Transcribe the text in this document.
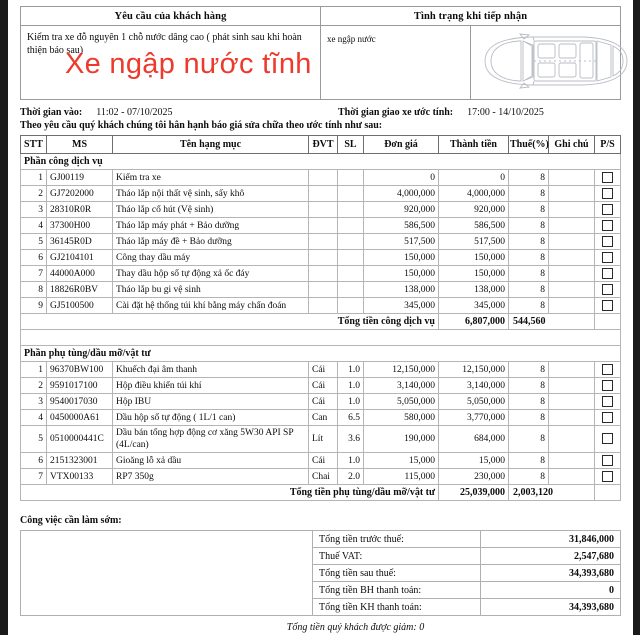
Yêu cầu của khách hàng	Tình trạng khi tiếp nhận	

Kiểm tra xe đỗ nguyên 1 chỗ nước dâng cao ( phát sinh sau khi hoàn thiện báo sau)
Xe ngập nước tĩnh	xe ngập nước

Thời gian vào: 11:02 - 07/10/2025	Thời gian giao xe ước tính: 17:00 - 14/10/2025
Theo yêu cầu quý khách chúng tôi hân hạnh báo giá sửa chữa theo ước tính như sau:
STT	MS	Tên hạng mục	ĐVT	SL	Đơn giá	Thành tiền	Thuế(%)	Ghi chú	P/S
Phần công dịch vụ									
1	GJ00119	Kiểm tra xe			0	0	8		
2	GJ7202000	Tháo lắp nội thất vệ sinh, sấy khô			4,000,000	4,000,000	8		
3	28310R0R	Tháo lắp cổ hút (Vệ sinh)			920,000	920,000	8		
4	37300H00	Tháo lắp máy phát + Bảo dưỡng			586,500	586,500	8		
5	36145R0D	Tháo lắp máy đề + Bảo dưỡng			517,500	517,500	8		
6	GJ2104101	Công thay dầu máy			150,000	150,000	8		
7	44000A000	Thay dầu hộp số tự động xả ốc đáy			150,000	150,000	8		
8	18826R0BV	Tháo lắp bu gi vệ sinh			138,000	138,000	8		
9	GJ5100500	Cài đặt hệ thống túi khí bằng máy chẩn đoán			345,000	345,000	8		
Tổng tiền công dịch vụ						6,807,000	544,560		

Phần phụ tùng/dầu mỡ/vật tư									
1	96370BW100	Khuếch đại âm thanh	Cái	1.0	12,150,000	12,150,000	8		
2	9591017100	Hộp điều khiển túi khí	Cái	1.0	3,140,000	3,140,000	8		
3	9540017030	Hộp IBU	Cái	1.0	5,050,000	5,050,000	8		
4	0450000A61	Dầu hộp số tự động ( 1L/1 can)	Can	6.5	580,000	3,770,000	8		
5	0510000441C	Dầu bán tổng hợp động cơ xăng 5W30 API SP (4L/can)	Lít	3.6	190,000	684,000	8		
6	2151323001	Gioăng lỗ xả dầu	Cái	1.0	15,000	15,000	8		
7	VTX00133	RP7 350g	Chai	2.0	115,000	230,000	8		
Tổng tiền phụ tùng/dầu mỡ/vật tư						25,039,000	2,003,120		
Công việc cần làm sớm:
	Tổng tiền trước thuế:	31,846,000
	Thuế VAT:	2,547,680
	Tổng tiền sau thuế:	34,393,680
	Tổng tiền BH thanh toán:	0
	Tổng tiền KH thanh toán:	34,393,680
Tổng tiền quý khách được giảm: 0
